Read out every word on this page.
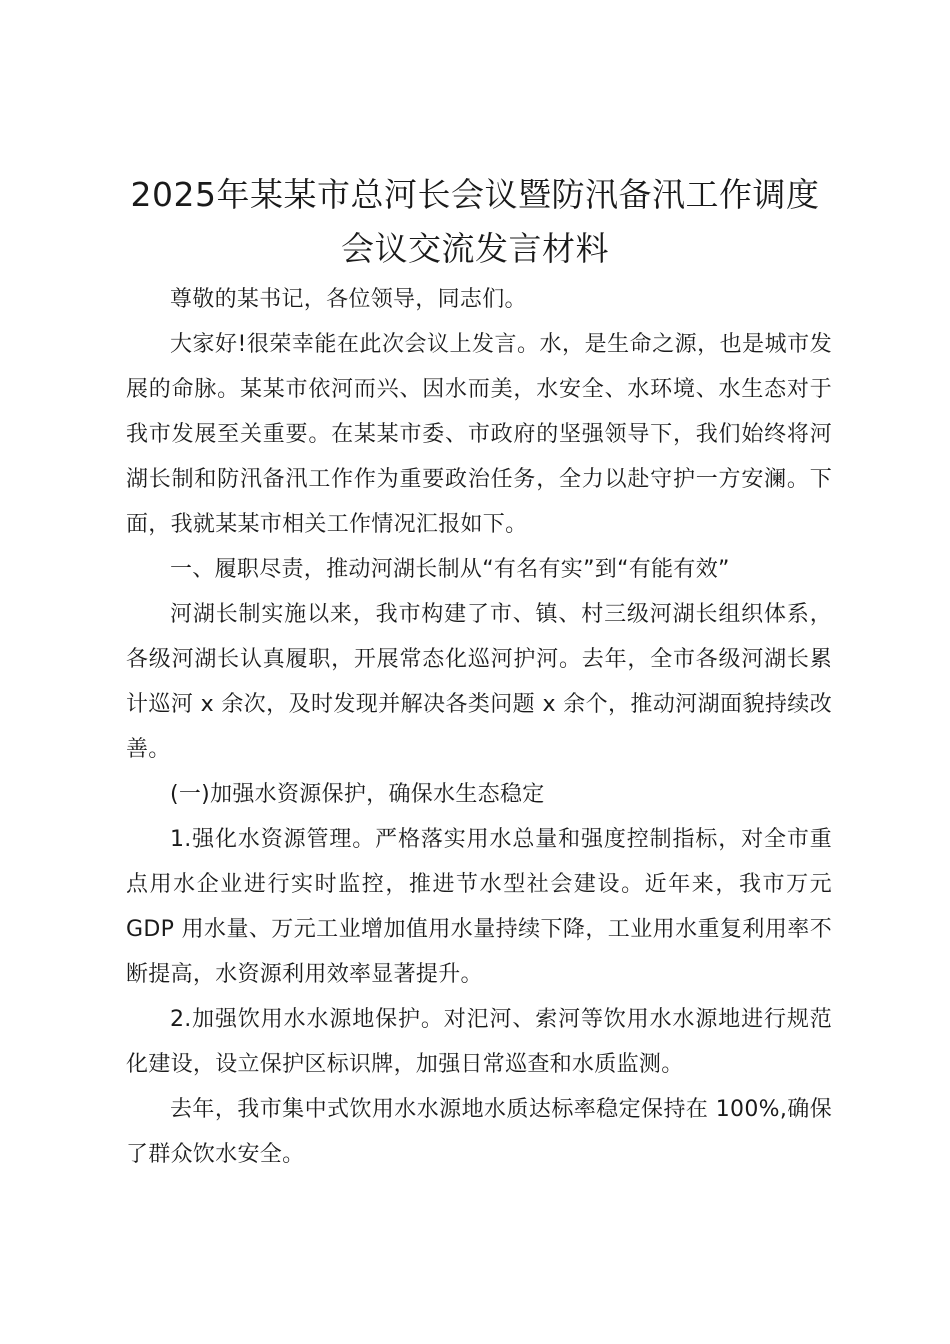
2025年某某市总河长会议暨防汛备汛工作调度会议交流发言材料

尊敬的某书记，各位领导，同志们。

大家好!很荣幸能在此次会议上发言。水，是生命之源，也是城市发展的命脉。某某市依河而兴、因水而美，水安全、水环境、水生态对于我市发展至关重要。在某某市委、市政府的坚强领导下，我们始终将河湖长制和防汛备汛工作作为重要政治任务，全力以赴守护一方安澜。下面，我就某某市相关工作情况汇报如下。

一、履职尽责，推动河湖长制从“有名有实”到“有能有效”

河湖长制实施以来，我市构建了市、镇、村三级河湖长组织体系，各级河湖长认真履职，开展常态化巡河护河。去年，全市各级河湖长累计巡河 x 余次，及时发现并解决各类问题 x 余个，推动河湖面貌持续改善。

(一)加强水资源保护，确保水生态稳定

1.强化水资源管理。严格落实用水总量和强度控制指标，对全市重点用水企业进行实时监控，推进节水型社会建设。近年来，我市万元 GDP 用水量、万元工业增加值用水量持续下降，工业用水重复利用率不断提高，水资源利用效率显著提升。

2.加强饮用水水源地保护。对汜河、索河等饮用水水源地进行规范化建设，设立保护区标识牌，加强日常巡查和水质监测。

去年，我市集中式饮用水水源地水质达标率稳定保持在 100%,确保了群众饮水安全。
